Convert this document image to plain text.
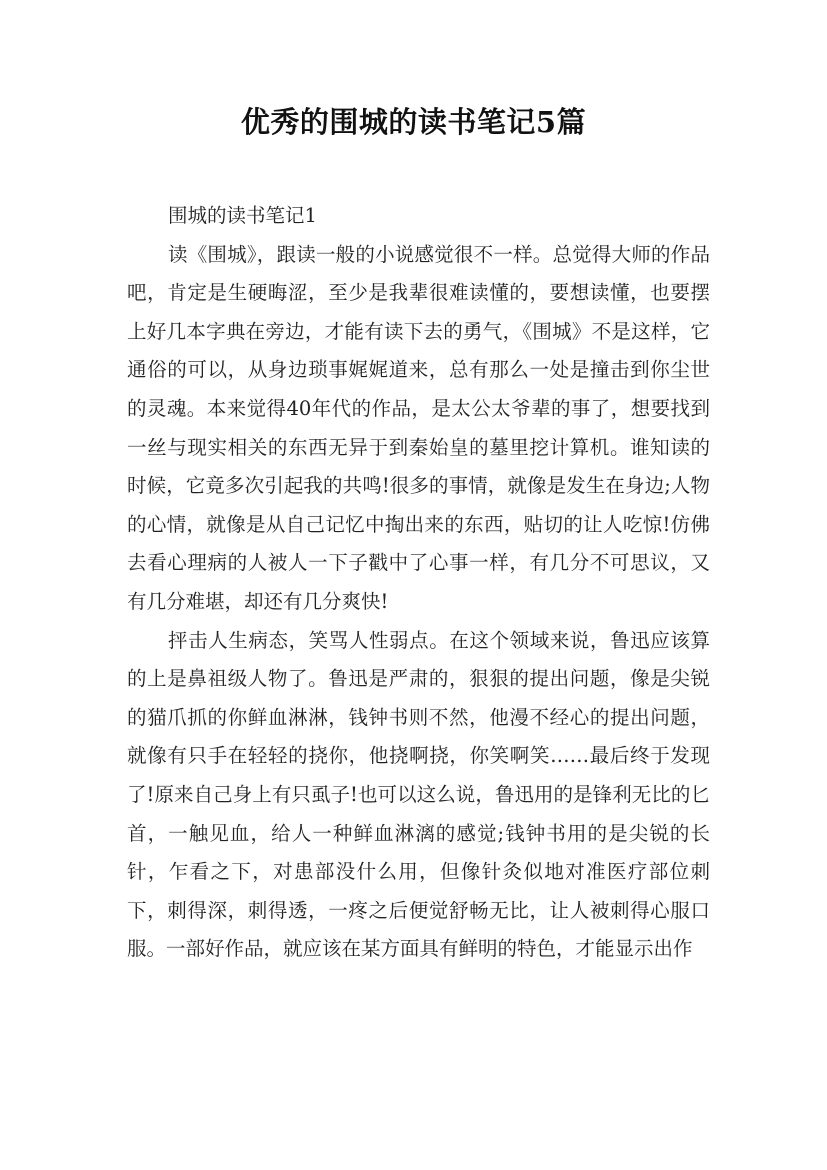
优秀的围城的读书笔记5篇

围城的读书笔记1

读《围城》，跟读一般的小说感觉很不一样。总觉得大师的作品吧，肯定是生硬晦涩，至少是我辈很难读懂的，要想读懂，也要摆上好几本字典在旁边，才能有读下去的勇气，《围城》不是这样，它通俗的可以，从身边琐事娓娓道来，总有那么一处是撞击到你尘世的灵魂。本来觉得40年代的作品，是太公太爷辈的事了，想要找到一丝与现实相关的东西无异于到秦始皇的墓里挖计算机。谁知读的时候，它竟多次引起我的共鸣!很多的事情，就像是发生在身边;人物的心情，就像是从自己记忆中掏出来的东西，贴切的让人吃惊!仿佛去看心理病的人被人一下子戳中了心事一样，有几分不可思议，又有几分难堪，却还有几分爽快!

抨击人生病态，笑骂人性弱点。在这个领域来说，鲁迅应该算的上是鼻祖级人物了。鲁迅是严肃的，狠狠的提出问题，像是尖锐的猫爪抓的你鲜血淋淋，钱钟书则不然，他漫不经心的提出问题，就像有只手在轻轻的挠你，他挠啊挠，你笑啊笑……最后终于发现了!原来自己身上有只虱子!也可以这么说，鲁迅用的是锋利无比的匕首，一触见血，给人一种鲜血淋漓的感觉;钱钟书用的是尖锐的长针，乍看之下，对患部没什么用，但像针灸似地对准医疗部位刺下，刺得深，刺得透，一疼之后便觉舒畅无比，让人被刺得心服口服。一部好作品，就应该在某方面具有鲜明的特色，才能显示出作
